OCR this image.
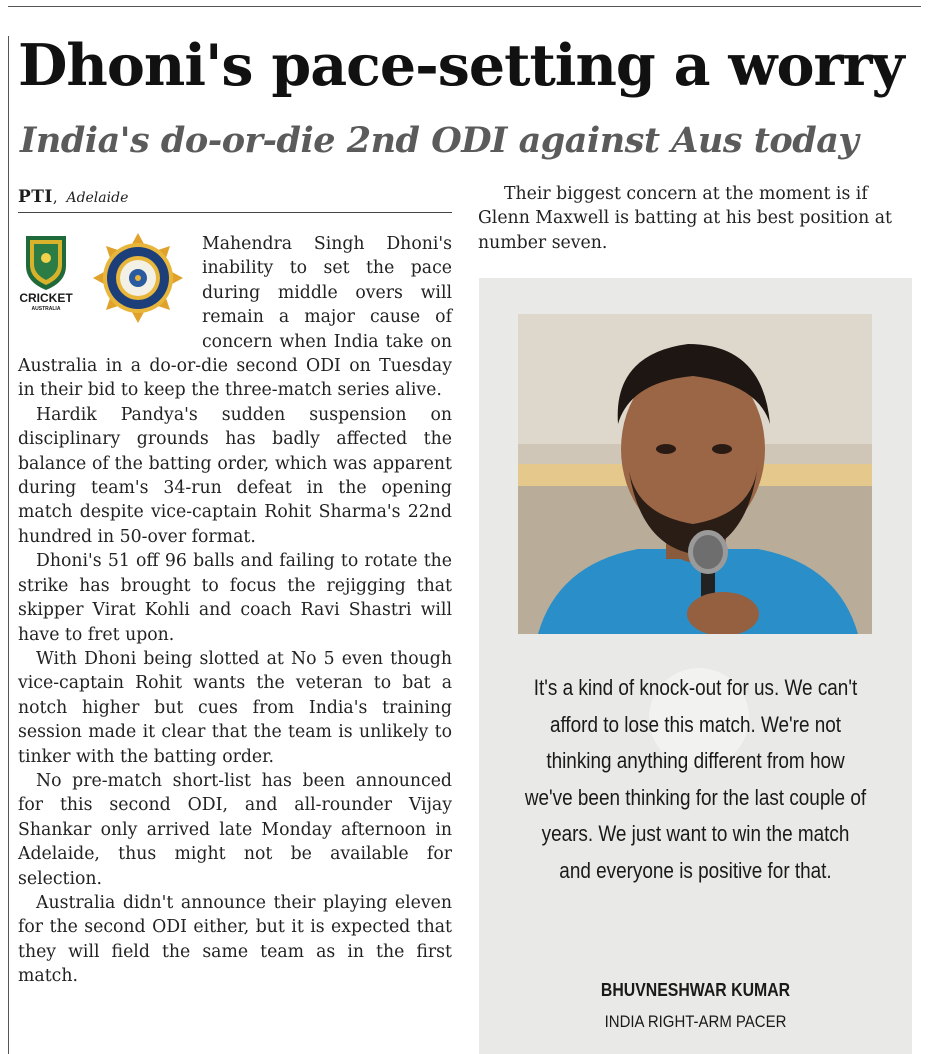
Dhoni's pace-setting a worry
India's do-or-die 2nd ODI against Aus today
PTI, Adelaide

Mahendra Singh Dhoni's inability to set the pace during middle overs will remain a major cause of concern when India take on Australia in a do-or-die second ODI on Tuesday in their bid to keep the three-match series alive.

Hardik Pandya's sudden suspension on disciplinary grounds has badly affected the balance of the batting order, which was apparent during team's 34-run defeat in the opening match despite vice-captain Rohit Sharma's 22nd hundred in 50-over format.

Dhoni's 51 off 96 balls and failing to rotate the strike has brought to focus the rejigging that skipper Virat Kohli and coach Ravi Shastri will have to fret upon.

With Dhoni being slotted at No 5 even though vice-captain Rohit wants the veteran to bat a notch higher but cues from India's training session made it clear that the team is unlikely to tinker with the batting order.

No pre-match short-list has been announced for this second ODI, and all-rounder Vijay Shankar only arrived late Monday afternoon in Adelaide, thus might not be available for selection.

Australia didn't announce their playing eleven for the second ODI either, but it is expected that they will field the same team as in the first match.

CRICKET
AUSTRALIA

Their biggest concern at the moment is if Glenn Maxwell is batting at his best position at number seven.

It's a kind of knock-out for us. We can't afford to lose this match. We're not thinking anything different from how we've been thinking for the last couple of years. We just want to win the match and everyone is positive for that.

BHUVNESHWAR KUMAR
INDIA RIGHT-ARM PACER
